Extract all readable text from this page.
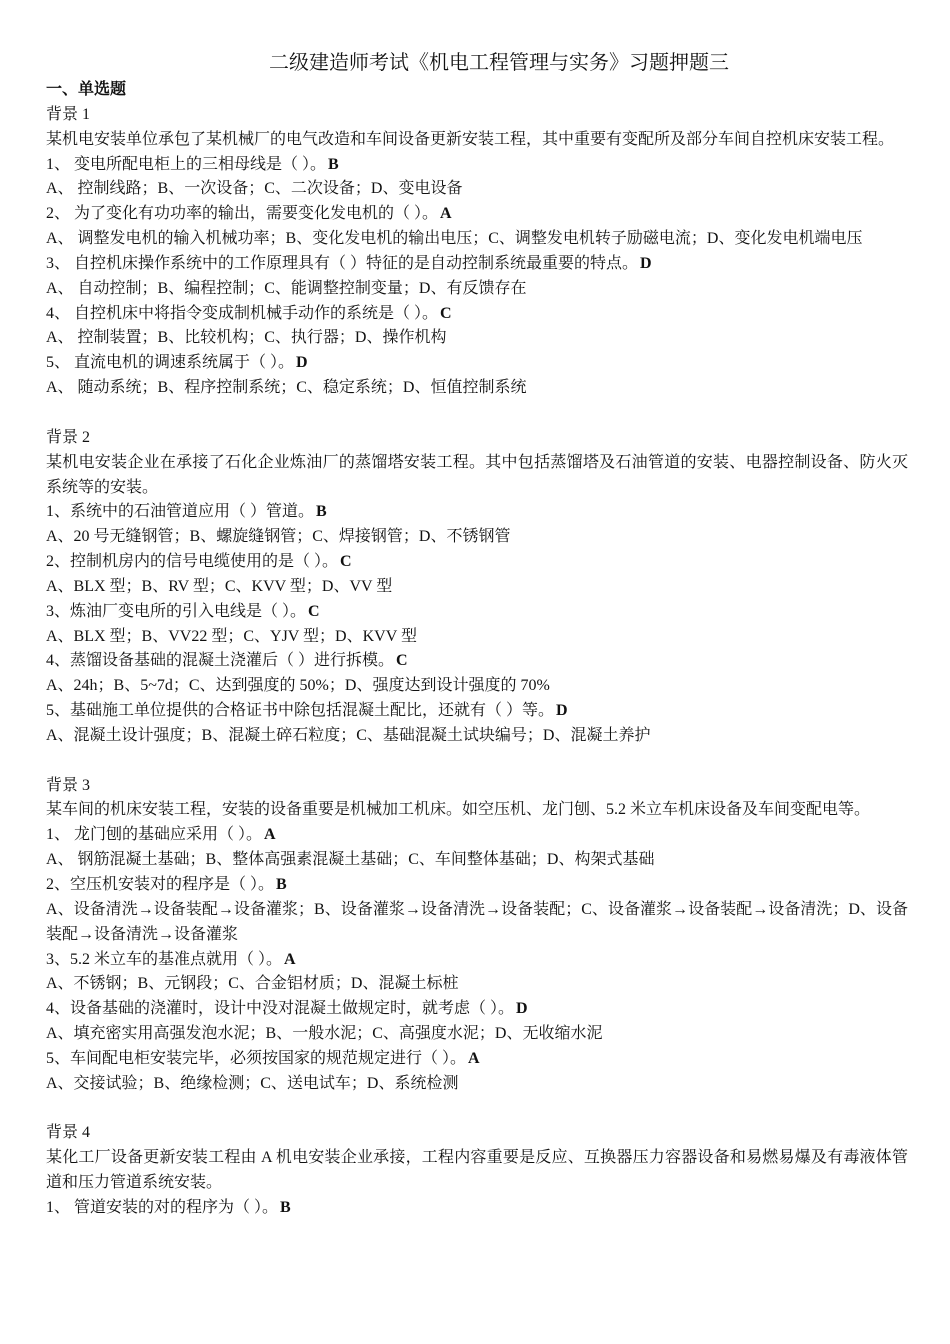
二级建造师考试《机电工程管理与实务》习题押题三
一、单选题
背景 1
某机电安装单位承包了某机械厂的电气改造和车间设备更新安装工程，其中重要有变配所及部分车间自控机床安装工程。
1、 变电所配电柜上的三相母线是（ ）。 B
A、 控制线路；B、一次设备；C、二次设备；D、变电设备
2、 为了变化有功功率的输出，需要变化发电机的（ ）。 A
A、 调整发电机的输入机械功率；B、变化发电机的输出电压；C、调整发电机转子励磁电流；D、变化发电机端电压
3、 自控机床操作系统中的工作原理具有（ ）特征的是自动控制系统最重要的特点。 D
A、 自动控制；B、编程控制；C、能调整控制变量；D、有反馈存在
4、 自控机床中将指令变成制机械手动作的系统是（ ）。 C
A、 控制装置；B、比较机构；C、执行器；D、操作机构
5、 直流电机的调速系统属于（ ）。 D
A、 随动系统；B、程序控制系统；C、稳定系统；D、恒值控制系统
背景 2
某机电安装企业在承接了石化企业炼油厂的蒸馏塔安装工程。其中包括蒸馏塔及石油管道的安装、电器控制设备、防火灭系统等的安装。
1、系统中的石油管道应用（ ）管道。 B
A、20 号无缝钢管；B、螺旋缝钢管；C、焊接钢管；D、不锈钢管
2、控制机房内的信号电缆使用的是（ ）。 C
A、BLX 型；B、RV 型；C、KVV 型；D、VV 型
3、炼油厂变电所的引入电线是（ ）。 C
A、BLX 型；B、VV22 型；C、YJV 型；D、KVV 型
4、蒸馏设备基础的混凝土浇灌后（ ）进行拆模。 C
A、24h；B、5~7d；C、达到强度的 50%；D、强度达到设计强度的 70%
5、基础施工单位提供的合格证书中除包括混凝土配比，还就有（ ）等。 D
A、混凝土设计强度；B、混凝土碎石粒度；C、基础混凝土试块编号；D、混凝土养护
背景 3
某车间的机床安装工程，安装的设备重要是机械加工机床。如空压机、龙门刨、5.2 米立车机床设备及车间变配电等。
1、 龙门刨的基础应采用（ ）。 A
A、 钢筋混凝土基础；B、整体高强素混凝土基础；C、车间整体基础；D、构架式基础
2、空压机安装对的程序是（ ）。 B
A、设备清洗→设备装配→设备灌浆；B、设备灌浆→设备清洗→设备装配；C、设备灌浆→设备装配→设备清洗；D、设备装配→设备清洗→设备灌浆
3、5.2 米立车的基准点就用（ ）。 A
A、不锈钢；B、元钢段；C、合金铝材质；D、混凝土标桩
4、设备基础的浇灌时，设计中没对混凝土做规定时，就考虑（ ）。 D
A、填充密实用高强发泡水泥；B、一般水泥；C、高强度水泥；D、无收缩水泥
5、车间配电柜安装完毕，必须按国家的规范规定进行（ ）。 A
A、交接试验；B、绝缘检测；C、送电试车；D、系统检测
背景 4
某化工厂设备更新安装工程由 A 机电安装企业承接，工程内容重要是反应、互换器压力容器设备和易燃易爆及有毒液体管道和压力管道系统安装。
1、 管道安装的对的程序为（ ）。 B
